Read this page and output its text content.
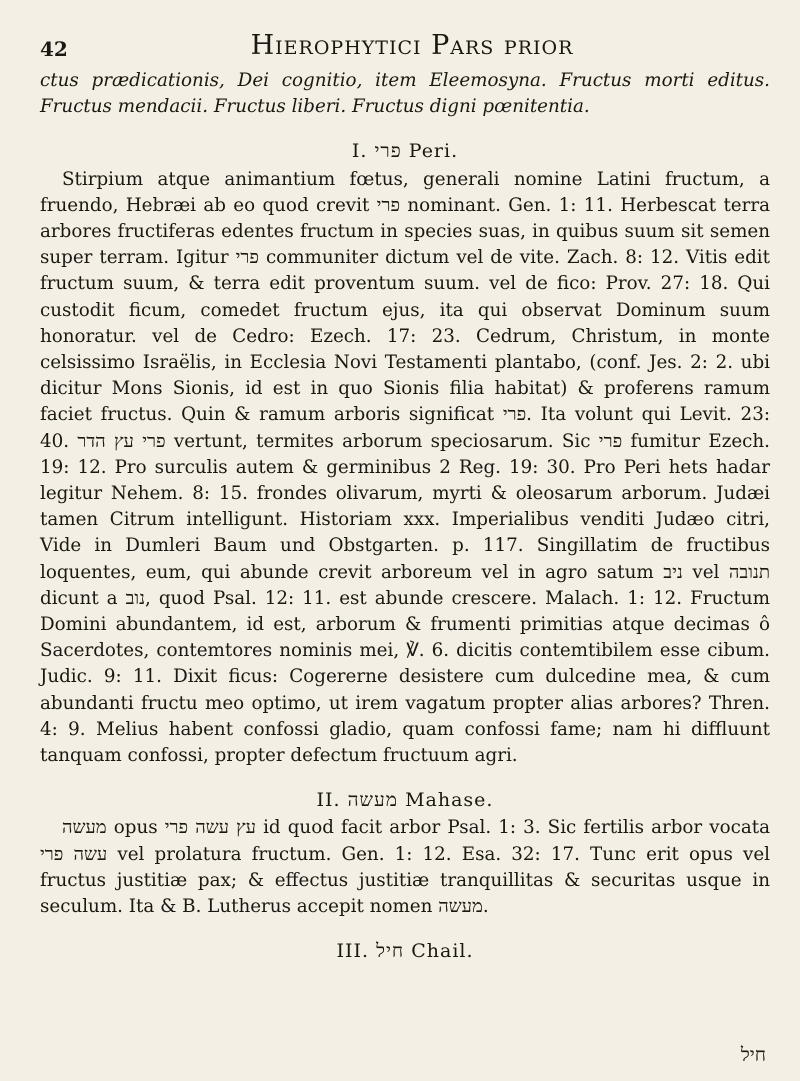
42	Hierophytici Pars prior

ctus prædicationis, Dei cognitio, item Eleemosyna. Fructus morti editus. Fructus mendacii. Fructus liberi. Fructus digni pœnitentia.

I. פרי Peri.

Stirpium atque animantium fœtus, generali nomine Latini fructum, a fruendo, Hebræi ab eo quod crevit פרי nominant. Gen. 1: 11. Herbescat terra arbores fructiferas edentes fructum in species suas, in quibus suum sit semen super terram. Igitur פרי communiter dictum vel de vite. Zach. 8: 12. Vitis edit fructum suum, & terra edit proventum suum. vel de fico: Prov. 27: 18. Qui custodit ficum, comedet fructum ejus, ita qui observat Dominum suum honoratur. vel de Cedro: Ezech. 17: 23. Cedrum, Christum, in monte celsissimo Israëlis, in Ecclesia Novi Testamenti plantabo, (conf. Jes. 2: 2. ubi dicitur Mons Sionis, id est in quo Sionis filia habitat) & proferens ramum faciet fructus. Quin & ramum arboris significat פרי. Ita volunt qui Levit. 23: 40. פרי עץ הדר vertunt, termites arborum speciosarum. Sic פרי fumitur Ezech. 19: 12. Pro surculis autem & germinibus 2 Reg. 19: 30. Pro Peri hets hadar legitur Nehem. 8: 15. frondes olivarum, myrti & oleosarum arborum. Judæi tamen Citrum intelligunt. Historiam xxx. Imperialibus venditi Judæo citri, Vide in Dumleri Baum und Obstgarten. p. 117. Singillatim de fructibus loquentes, eum, qui abunde crevit arboreum vel in agro satum ניב vel תנובה dicunt a נוב, quod Psal. 12: 11. est abunde crescere. Malach. 1: 12. Fructum Domini abundantem, id est, arborum & frumenti primitias atque decimas ô Sacerdotes, contemtores nominis mei, ℣. 6. dicitis contemtibilem esse cibum. Judic. 9: 11. Dixit ficus: Cogererne desistere cum dulcedine mea, & cum abundanti fructu meo optimo, ut irem vagatum propter alias arbores? Thren. 4: 9. Melius habent confossi gladio, quam confossi fame; nam hi diffluunt tanquam confossi, propter defectum fructuum agri.

II. מעשה Mahase.

מעשה opus עץ עשה פרי id quod facit arbor Psal. 1: 3. Sic fertilis arbor vocata עשה פרי vel prolatura fructum. Gen. 1: 12. Esa. 32: 17. Tunc erit opus vel fructus justitiæ pax; & effectus justitiæ tranquillitas & securitas usque in seculum. Ita & B. Lutherus accepit nomen מעשה.

III. חיל Chail.
חיל
